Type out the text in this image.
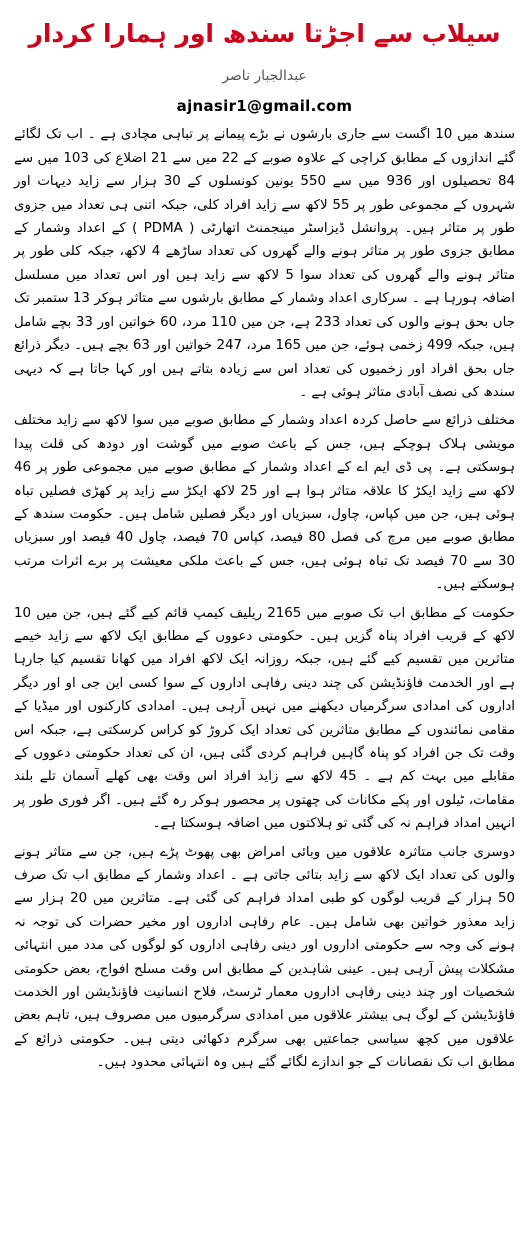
سیلاب سے اجڑتا سندھ اور ہمارا کردار
عبدالجبار ناصر
ajnasir1@gmail.com

سندھ میں 10 اگست سے جاری بارشوں نے بڑے پیمانے پر تباہی مچادی ہے ۔ اب تک لگائے گئے اندازوں کے مطابق کراچی کے علاوہ صوبے کے 22 میں سے 21 اضلاع کی 103 میں سے 84 تحصیلوں اور 936 میں سے 550 یونین کونسلوں کے 30 ہزار سے زاید دیہات اور شہروں کے مجموعی طور پر 55 لاکھ سے زاید افراد کلی، جبکہ اتنی ہی تعداد میں جزوی طور پر متاثر ہیں۔ پروانشل ڈیزاسٹر مینجمنٹ اتھارٹی ( PDMA ) کے اعداد وشمار کے مطابق جزوی طور پر متاثر ہونے والے گھروں کی تعداد ساڑھے 4 لاکھ، جبکہ کلی طور پر متاثر ہونے والے گھروں کی تعداد سوا 5 لاکھ سے زاید ہیں اور اس تعداد میں مسلسل اضافہ ہورہا ہے ۔ سرکاری اعداد وشمار کے مطابق بارشوں سے متاثر ہوکر 13 ستمبر تک جاں بحق ہونے والوں کی تعداد 233 ہے، جن میں 110 مرد، 60 خواتین اور 33 بچے شامل ہیں، جبکہ 499 زخمی ہوئے، جن میں 165 مرد، 247 خواتین اور 63 بچے ہیں۔ دیگر ذرائع جاں بحق افراد اور زخمیوں کی تعداد اس سے زیادہ بتاتے ہیں اور کہا جاتا ہے کہ دیہی سندھ کی نصف آبادی متاثر ہوئی ہے ۔

مختلف ذرائع سے حاصل کردہ اعداد وشمار کے مطابق صوبے میں سوا لاکھ سے زاید مختلف مویشی ہلاک ہوچکے ہیں، جس کے باعث صوبے میں گوشت اور دودھ کی قلت پیدا ہوسکتی ہے۔ پی ڈی ایم اے کے اعداد وشمار کے مطابق صوبے میں مجموعی طور پر 46 لاکھ سے زاید ایکڑ کا علاقہ متاثر ہوا ہے اور 25 لاکھ ایکڑ سے زاید پر کھڑی فصلیں تباہ ہوئی ہیں، جن میں کپاس، چاول، سبزیاں اور دیگر فصلیں شامل ہیں۔ حکومت سندھ کے مطابق صوبے میں مرچ کی فصل 80 فیصد، کپاس 70 فیصد، چاول 40 فیصد اور سبزیاں 30 سے 70 فیصد تک تباہ ہوئی ہیں، جس کے باعث ملکی معیشت پر برے اثرات مرتب ہوسکتے ہیں۔

حکومت کے مطابق اب تک صوبے میں 2165 ریلیف کیمپ قائم کیے گئے ہیں، جن میں 10 لاکھ کے قریب افراد پناہ گزیں ہیں۔ حکومتی دعووں کے مطابق ایک لاکھ سے زاید خیمے متاثرین میں تقسیم کیے گئے ہیں، جبکہ روزانہ ایک لاکھ افراد میں کھانا تقسیم کیا جارہا ہے اور الخدمت فاؤنڈیشن کی چند دینی رفاہی اداروں کے سوا کسی این جی او اور دیگر اداروں کی امدادی سرگرمیاں دیکھنے میں نہیں آرہی ہیں۔ امدادی کارکنوں اور میڈیا کے مقامی نمائندوں کے مطابق متاثرین کی تعداد ایک کروڑ کو کراس کرسکتی ہے، جبکہ اس وقت تک جن افراد کو پناہ گاہیں فراہم کردی گئی ہیں، ان کی تعداد حکومتی دعووں کے مقابلے میں بہت کم ہے ۔ 45 لاکھ سے زاید افراد اس وقت بھی کھلے آسمان تلے بلند مقامات، ٹیلوں اور پکے مکانات کی چھتوں پر محصور ہوکر رہ گئے ہیں۔ اگر فوری طور پر انہیں امداد فراہم نہ کی گئی تو ہلاکتوں میں اضافہ ہوسکتا ہے۔

دوسری جانب متاثرہ علاقوں میں وبائی امراض بھی پھوٹ پڑے ہیں، جن سے متاثر ہونے والوں کی تعداد ایک لاکھ سے زاید بتائی جاتی ہے ۔ اعداد وشمار کے مطابق اب تک صرف 50 ہزار کے قریب لوگوں کو طبی امداد فراہم کی گئی ہے۔ متاثرین میں 20 ہزار سے زاید معذور خواتین بھی شامل ہیں۔ عام رفاہی اداروں اور مخیر حضرات کی توجہ نہ ہونے کی وجہ سے حکومتی اداروں اور دینی رفاہی اداروں کو لوگوں کی مدد میں انتہائی مشکلات پیش آرہی ہیں۔ عینی شاہدین کے مطابق اس وقت مسلح افواج، بعض حکومتی شخصیات اور چند دینی رفاہی اداروں معمار ٹرسٹ، فلاح انسانیت فاؤنڈیشن اور الخدمت فاؤنڈیشن کے لوگ ہی بیشتر علاقوں میں امدادی سرگرمیوں میں مصروف ہیں، تاہم بعض علاقوں میں کچھ سیاسی جماعتیں بھی سرگرم دکھائی دیتی ہیں۔ حکومتی ذرائع کے مطابق اب تک نقصانات کے جو اندازے لگائے گئے ہیں وہ انتہائی محدود ہیں۔
